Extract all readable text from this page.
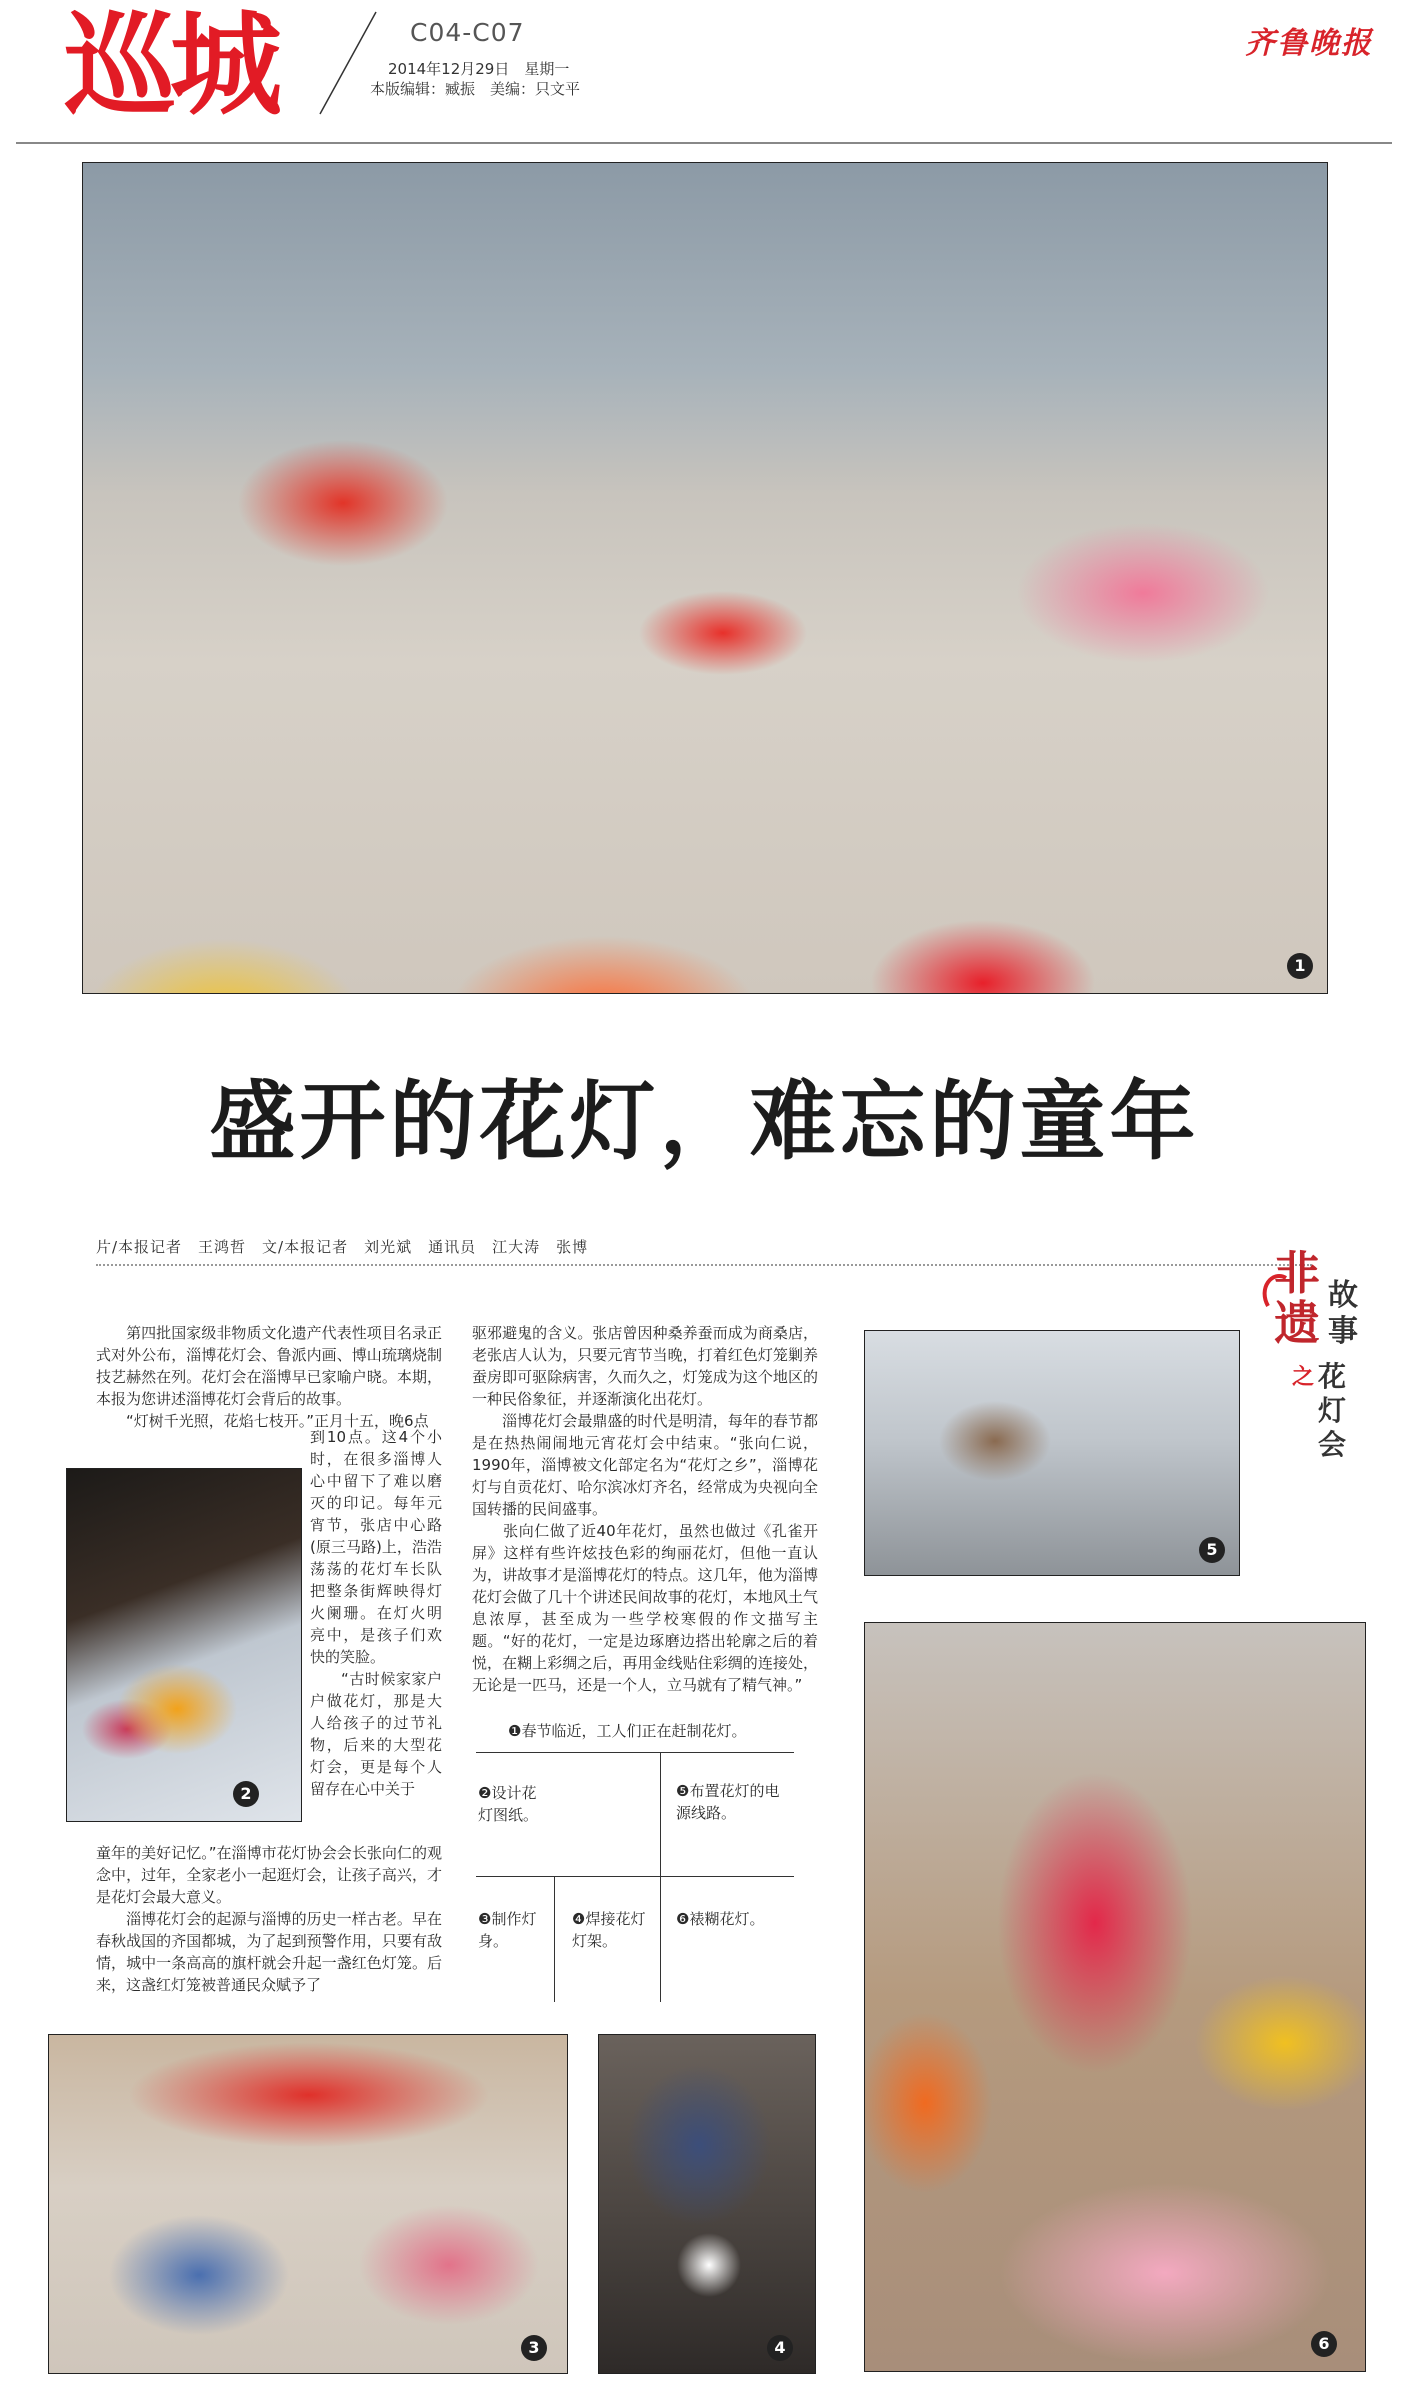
巡城	C04-C07
2014年12月29日　星期一
本版编辑：臧振　美编：只文平
齐鲁晚报
1
盛开的花灯，难忘的童年
片/本报记者　王鸿哲　文/本报记者　刘光斌　通讯员　江大涛　张博	非遗
故事
之 花灯会
　　第四批国家级非物质文化遗产代表性项目名录正式对外公布，淄博花灯会、鲁派内画、博山琉璃烧制技艺赫然在列。花灯会在淄博早已家喻户晓。本期，本报为您讲述淄博花灯会背后的故事。
　　“灯树千光照，花焰七枝开。”正月十五，晚6点
2
到10点。这4个小时，在很多淄博人心中留下了难以磨灭的印记。每年元宵节，张店中心路(原三马路)上，浩浩荡荡的花灯车长队把整条街辉映得灯火阑珊。在灯火明亮中，是孩子们欢快的笑脸。
　　“古时候家家户户做花灯，那是大人给孩子的过节礼物，后来的大型花灯会，更是每个人留存在心中关于
童年的美好记忆。”在淄博市花灯协会会长张向仁的观念中，过年，全家老小一起逛灯会，让孩子高兴，才是花灯会最大意义。
　　淄博花灯会的起源与淄博的历史一样古老。早在春秋战国的齐国都城，为了起到预警作用，只要有敌情，城中一条高高的旗杆就会升起一盏红色灯笼。后来，这盏红灯笼被普通民众赋予了
驱邪避鬼的含义。张店曾因种桑养蚕而成为商桑店，老张店人认为，只要元宵节当晚，打着红色灯笼剿养蚕房即可驱除病害，久而久之，灯笼成为这个地区的一种民俗象征，并逐渐演化出花灯。
　　淄博花灯会最鼎盛的时代是明清，每年的春节都是在热热闹闹地元宵花灯会中结束。“张向仁说，1990年，淄博被文化部定名为“花灯之乡”，淄博花灯与自贡花灯、哈尔滨冰灯齐名，经常成为央视向全国转播的民间盛事。
　　张向仁做了近40年花灯，虽然也做过《孔雀开屏》这样有些许炫技色彩的绚丽花灯，但他一直认为，讲故事才是淄博花灯的特点。这几年，他为淄博花灯会做了几十个讲述民间故事的花灯，本地风土气息浓厚，甚至成为一些学校寒假的作文描写主题。“好的花灯，一定是边琢磨边搭出轮廓之后的着悦，在糊上彩绸之后，再用金线贴住彩绸的连接处，无论是一匹马，还是一个人，立马就有了精气神。”
❶春节临近，工人们正在赶制花灯。
❷设计花灯图纸。
❺布置花灯的电源线路。
❸制作灯身。
❹焊接花灯灯架。
❻裱糊花灯。
3	4
5
6
